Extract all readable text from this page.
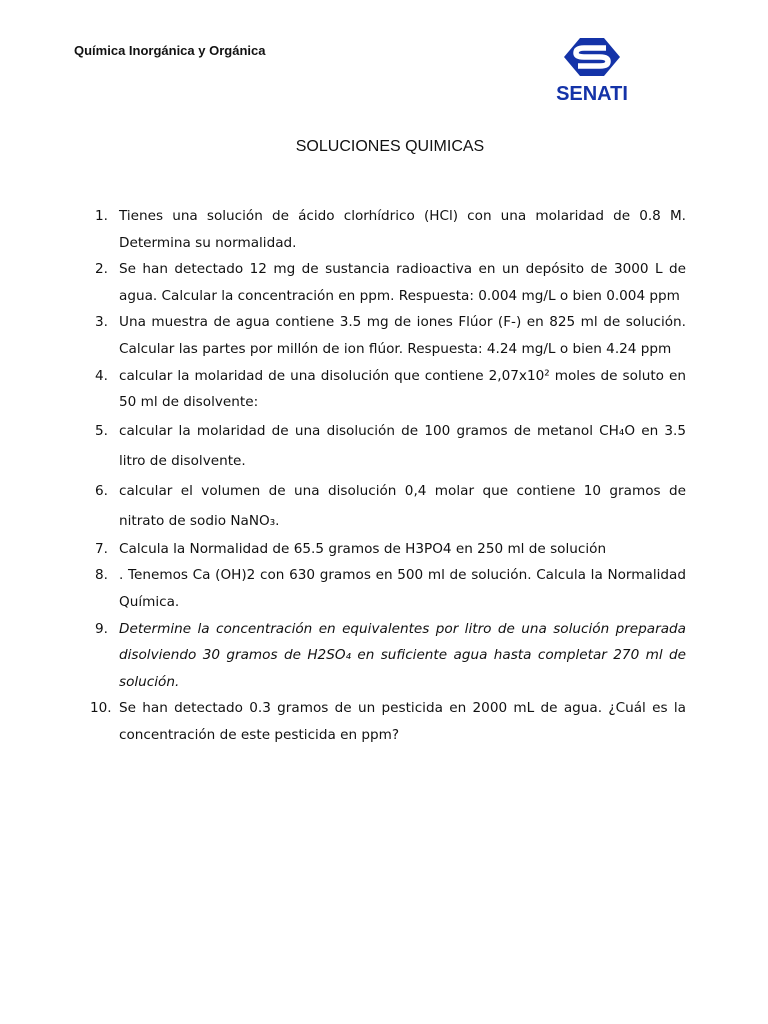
Química Inorgánica y Orgánica
SENATI
SOLUCIONES QUIMICAS
1. Tienes una solución de ácido clorhídrico (HCl) con una molaridad de 0.8 M. Determina su normalidad.
2. Se han detectado 12 mg de sustancia radioactiva en un depósito de 3000 L de agua. Calcular la concentración en ppm. Respuesta: 0.004 mg/L o bien 0.004 ppm
3. Una muestra de agua contiene 3.5 mg de iones Flúor (F-) en 825 ml de solución. Calcular las partes por millón de ion flúor. Respuesta: 4.24 mg/L o bien 4.24 ppm
4. calcular la molaridad de una disolución que contiene 2,07x10² moles de soluto en 50 ml de disolvente:
5. calcular la molaridad de una disolución de 100 gramos de metanol CH₄O en 3.5 litro de disolvente.
6. calcular el volumen de una disolución 0,4 molar que contiene 10 gramos de nitrato de sodio NaNO₃.
7. Calcula la Normalidad de 65.5 gramos de H3PO4 en 250 ml de solución
8. . Tenemos Ca (OH)2 con 630 gramos en 500 ml de solución. Calcula la Normalidad Química.
9. Determine la concentración en equivalentes por litro de una solución preparada disolviendo 30 gramos de H2SO₄ en suficiente agua hasta completar 270 ml de solución.
10. Se han detectado 0.3 gramos de un pesticida en 2000 mL de agua. ¿Cuál es la concentración de este pesticida en ppm?
